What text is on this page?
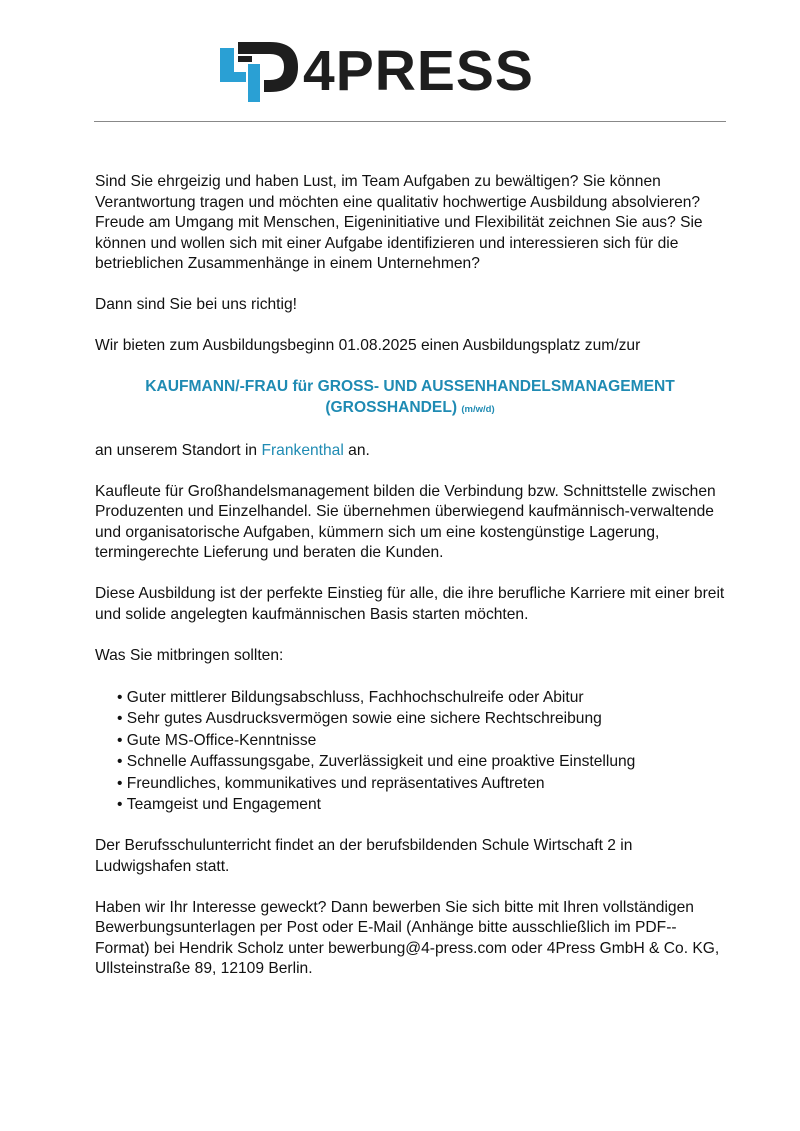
4PRESS

Sind Sie ehrgeizig und haben Lust, im Team Aufgaben zu bewältigen? Sie können Verantwortung tragen und möchten eine qualitativ hochwertige Ausbildung absolvieren? Freude am Umgang mit Menschen, Eigeninitiative und Flexibilität zeichnen Sie aus? Sie können und wollen sich mit einer Aufgabe identifizieren und interessieren sich für die betrieblichen Zusammenhänge in einem Unternehmen?

Dann sind Sie bei uns richtig!

Wir bieten zum Ausbildungsbeginn 01.08.2025 einen Ausbildungsplatz zum/zur

KAUFMANN/-FRAU für GROSS- UND AUSSENHANDELSMANAGEMENT (GROSSHANDEL) (m/w/d)

an unserem Standort in Frankenthal an.

Kaufleute für Großhandelsmanagement bilden die Verbindung bzw. Schnittstelle zwischen Produzenten und Einzelhandel. Sie übernehmen überwiegend kaufmännisch-verwaltende und organisatorische Aufgaben, kümmern sich um eine kostengünstige Lagerung, termingerechte Lieferung und beraten die Kunden.

Diese Ausbildung ist der perfekte Einstieg für alle, die ihre berufliche Karriere mit einer breit und solide angelegten kaufmännischen Basis starten möchten.

Was Sie mitbringen sollten:

• Guter mittlerer Bildungsabschluss, Fachhochschulreife oder Abitur
• Sehr gutes Ausdrucksvermögen sowie eine sichere Rechtschreibung
• Gute MS-Office-Kenntnisse
• Schnelle Auffassungsgabe, Zuverlässigkeit und eine proaktive Einstellung
• Freundliches, kommunikatives und repräsentatives Auftreten
• Teamgeist und Engagement

Der Berufsschulunterricht findet an der berufsbildenden Schule Wirtschaft 2 in Ludwigshafen statt.

Haben wir Ihr Interesse geweckt? Dann bewerben Sie sich bitte mit Ihren vollständigen Bewerbungsunterlagen per Post oder E-Mail (Anhänge bitte ausschließlich im PDF--Format) bei Hendrik Scholz unter bewerbung@4-press.com oder 4Press GmbH & Co. KG, Ullsteinstraße 89, 12109 Berlin.
